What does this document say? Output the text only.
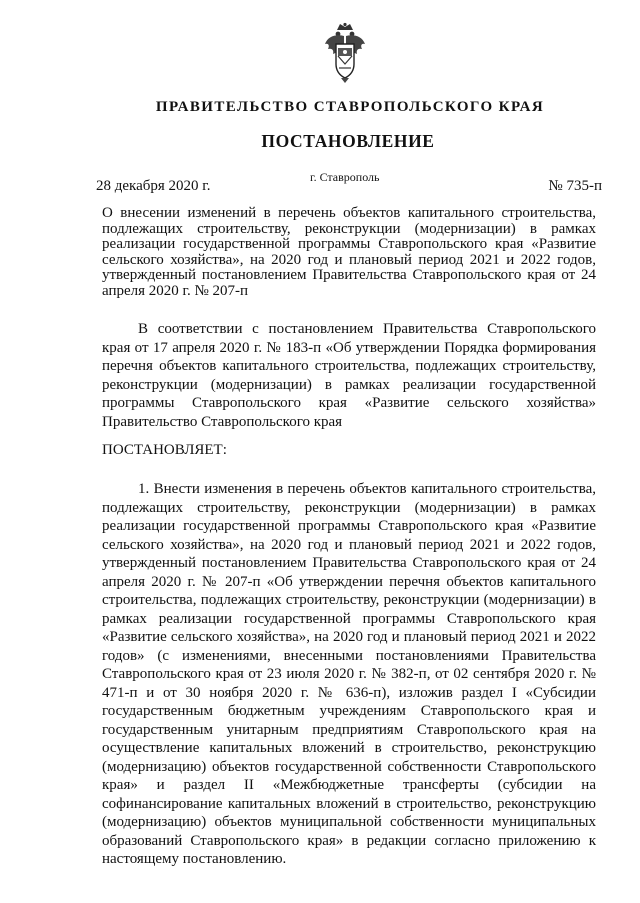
ПРАВИТЕЛЬСТВО СТАВРОПОЛЬСКОГО КРАЯ
ПОСТАНОВЛЕНИЕ
г. Ставрополь
28 декабря 2020 г.	№ 735-п

О внесении изменений в перечень объектов капитального строительства, подлежащих строительству, реконструкции (модернизации) в рамках реализации государственной программы Ставропольского края «Развитие сельского хозяйства», на 2020 год и плановый период 2021 и 2022 годов, утвержденный постановлением Правительства Ставропольского края от 24 апреля 2020 г. № 207-п

В соответствии с постановлением Правительства Ставропольского края от 17 апреля 2020 г. № 183-п «Об утверждении Порядка формирования перечня объектов капитального строительства, подлежащих строительству, реконструкции (модернизации) в рамках реализации государственной программы Ставропольского края «Развитие сельского хозяйства» Правительство Ставропольского края

ПОСТАНОВЛЯЕТ:

1. Внести изменения в перечень объектов капитального строительства, подлежащих строительству, реконструкции (модернизации) в рамках реализации государственной программы Ставропольского края «Развитие сельского хозяйства», на 2020 год и плановый период 2021 и 2022 годов, утвержденный постановлением Правительства Ставропольского края от 24 апреля 2020 г. № 207-п «Об утверждении перечня объектов капитального строительства, подлежащих строительству, реконструкции (модернизации) в рамках реализации государственной программы Ставропольского края «Развитие сельского хозяйства», на 2020 год и плановый период 2021 и 2022 годов» (с изменениями, внесенными постановлениями Правительства Ставропольского края от 23 июля 2020 г. № 382-п, от 02 сентября 2020 г. № 471-п и от 30 ноября 2020 г. № 636-п), изложив раздел I «Субсидии государственным бюджетным учреждениям Ставропольского края и государственным унитарным предприятиям Ставропольского края на осуществление капитальных вложений в строительство, реконструкцию (модернизацию) объектов государственной собственности Ставропольского края» и раздел II «Межбюджетные трансферты (субсидии на софинансирование капитальных вложений в строительство, реконструкцию (модернизацию) объектов муниципальной собственности муниципальных образований Ставропольского края» в редакции согласно приложению к настоящему постановлению.
